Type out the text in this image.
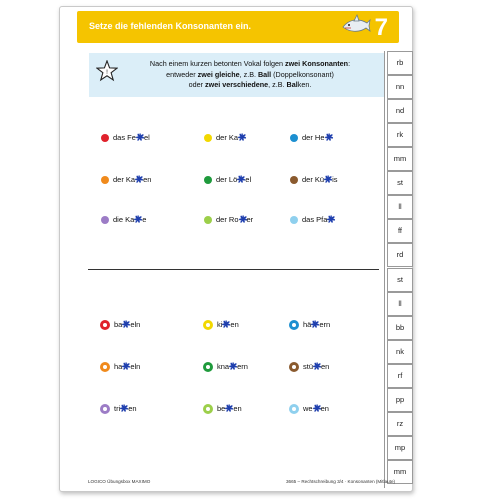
Setze die fehlenden Konsonanten ein.	7
!
Nach einem kurzen betonten Vokal folgen zwei Konsonanten:
entweder zwei gleiche, z.B. Ball (Doppelkonsonant)
oder zwei verschiedene, z.B. Balken.
das Fe el	der Ka	der He
der Ka en	der Lö el	der Kü is
die Ka e	der Ro er	das Pfa
ba eln	ki en	hä ern
ha eln	kna ern	stü en
tri en	be en	we en
rb
nn
nd
rk
mm
st
ll
ff
rd
st
ll
bb
nk
rf
pp
rz
mp
mm
LOGICO Übungsbox MAXIMO	3665 – Rechtschreibung 3/4 · Konsonanten (Mitlaute)
